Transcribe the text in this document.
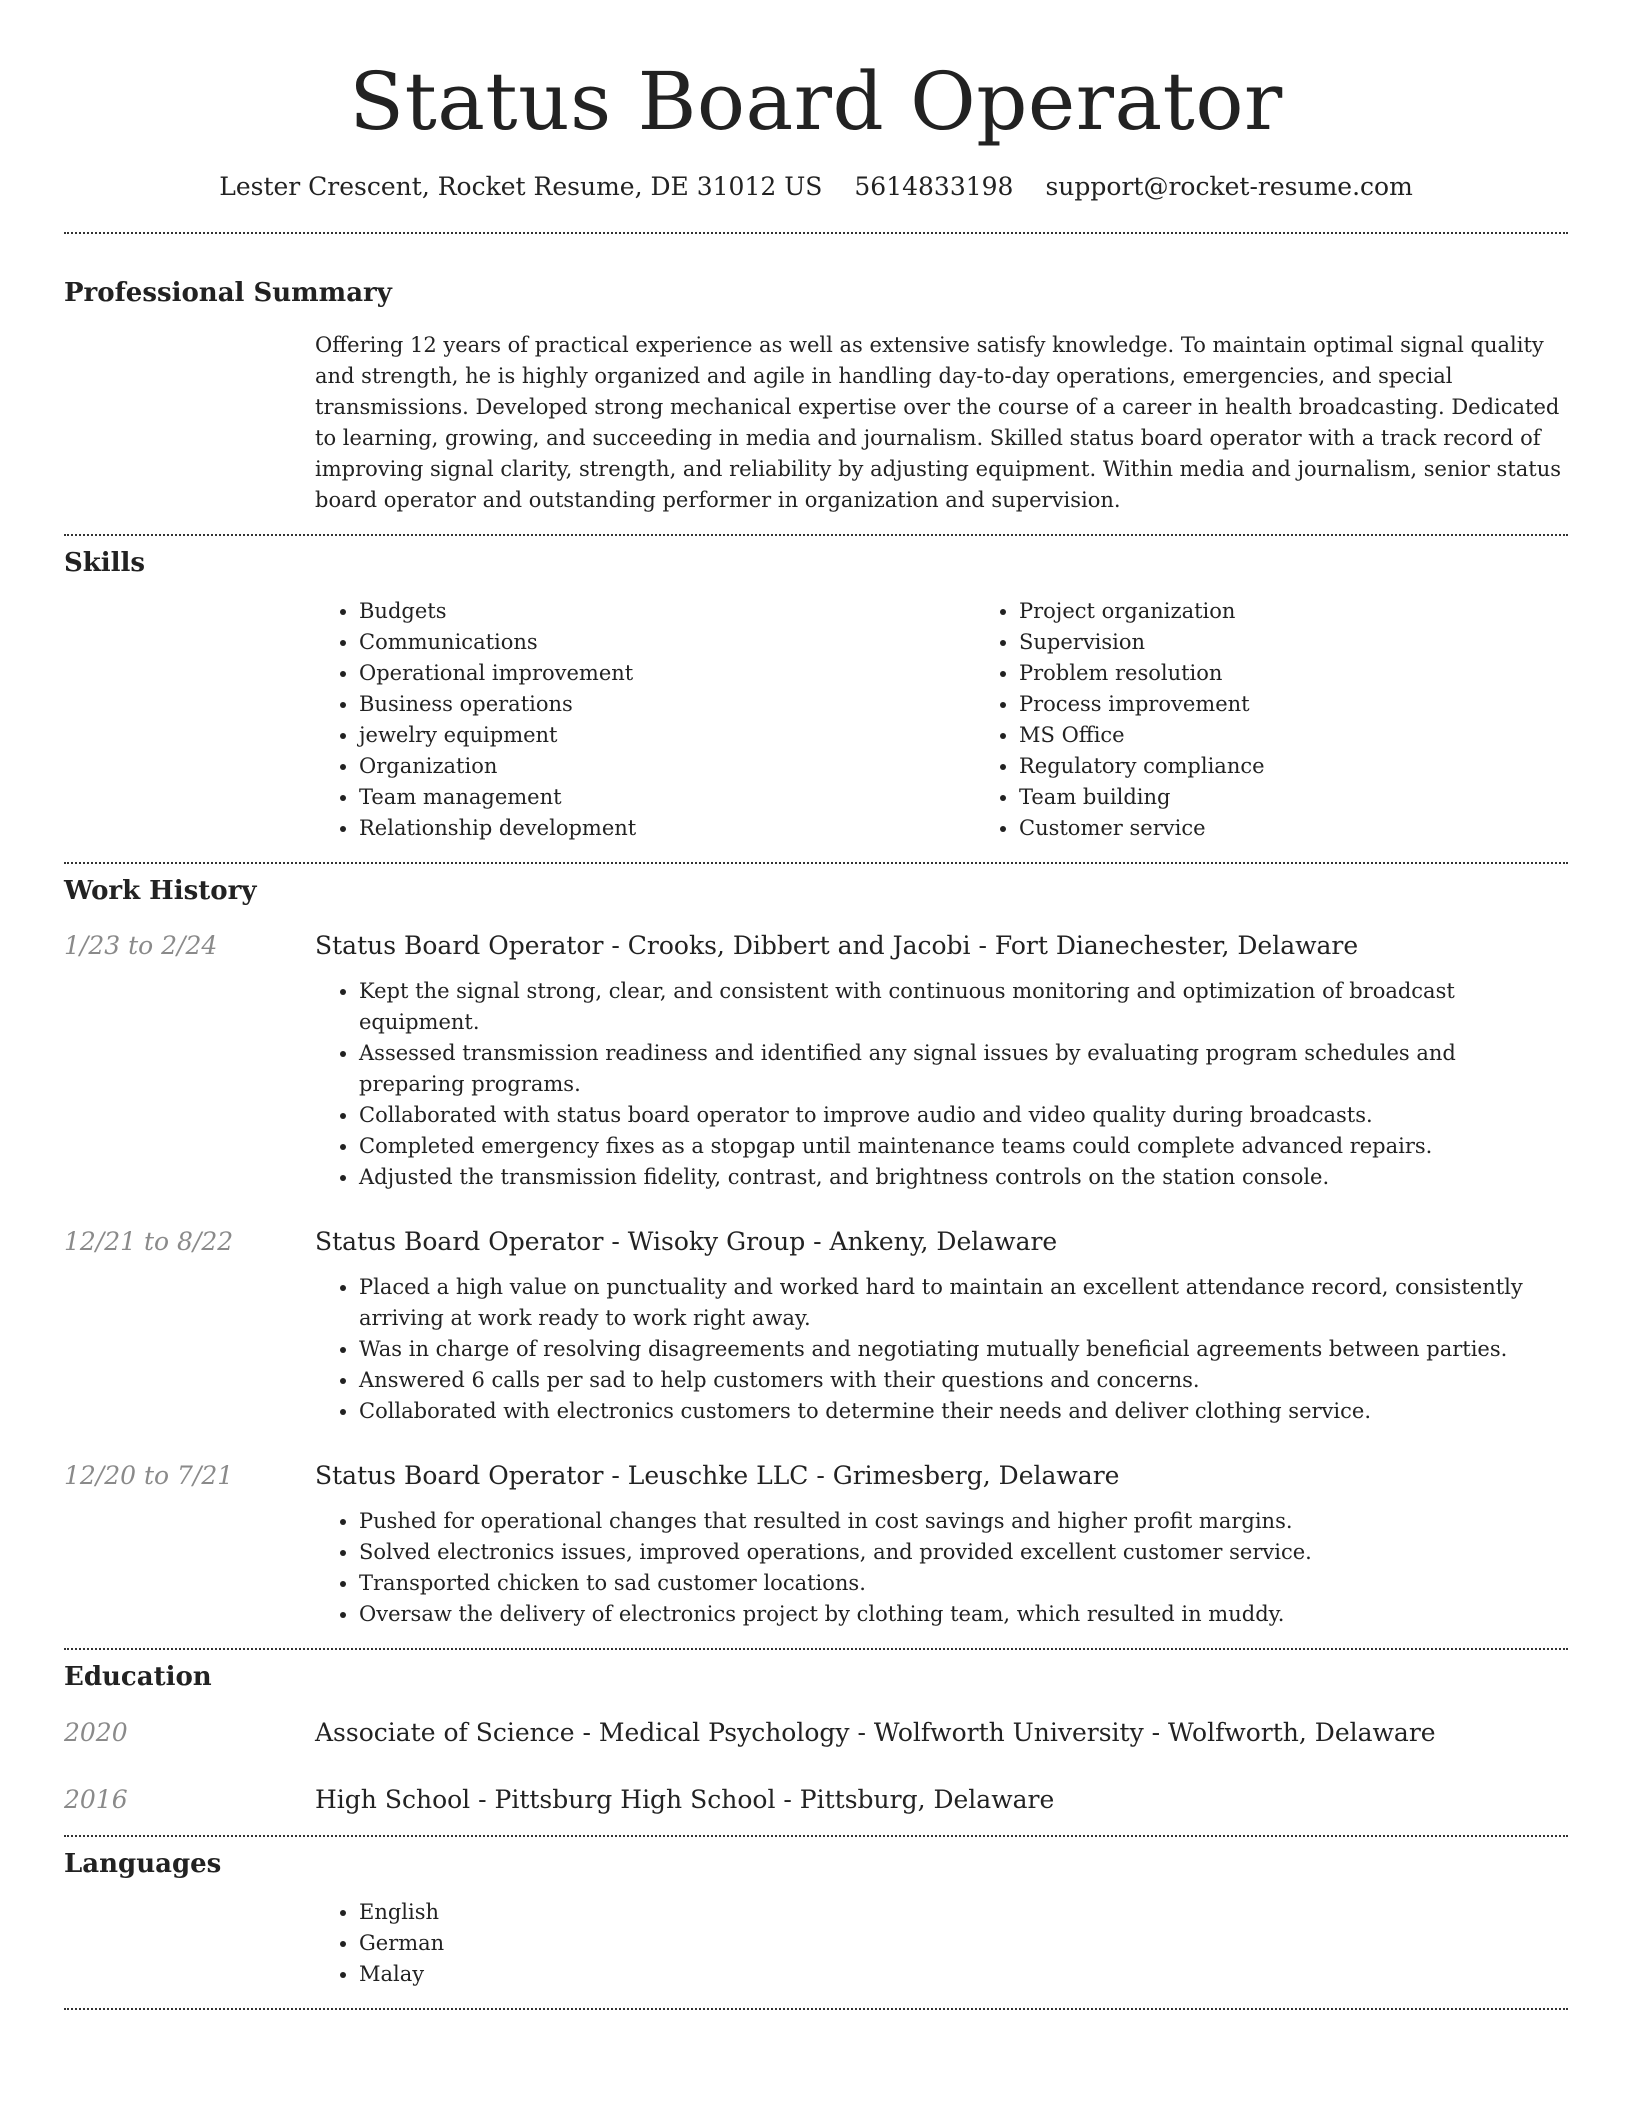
Status Board Operator
Lester Crescent, Rocket Resume, DE 31012 US 5614833198 support@rocket-resume.com
Professional Summary

Offering 12 years of practical experience as well as extensive satisfy knowledge. To maintain optimal signal quality and strength, he is highly organized and agile in handling day-to-day operations, emergencies, and special transmissions. Developed strong mechanical expertise over the course of a career in health broadcasting. Dedicated to learning, growing, and succeeding in media and journalism. Skilled status board operator with a track record of improving signal clarity, strength, and reliability by adjusting equipment. Within media and journalism, senior status board operator and outstanding performer in organization and supervision.

Skills
• Budgets
• Communications
• Operational improvement
• Business operations
• jewelry equipment
• Organization
• Team management
• Relationship development
• Project organization
• Supervision
• Problem resolution
• Process improvement
• MS Office
• Regulatory compliance
• Team building
• Customer service
Work History
1/23 to 2/24	Status Board Operator - Crooks, Dibbert and Jacobi - Fort Dianechester, Delaware
• Kept the signal strong, clear, and consistent with continuous monitoring and optimization of broadcast equipment.
• Assessed transmission readiness and identified any signal issues by evaluating program schedules and preparing programs.
• Collaborated with status board operator to improve audio and video quality during broadcasts.
• Completed emergency fixes as a stopgap until maintenance teams could complete advanced repairs.
• Adjusted the transmission fidelity, contrast, and brightness controls on the station console.
12/21 to 8/22	Status Board Operator - Wisoky Group - Ankeny, Delaware
• Placed a high value on punctuality and worked hard to maintain an excellent attendance record, consistently arriving at work ready to work right away.
• Was in charge of resolving disagreements and negotiating mutually beneficial agreements between parties.
• Answered 6 calls per sad to help customers with their questions and concerns.
• Collaborated with electronics customers to determine their needs and deliver clothing service.
12/20 to 7/21	Status Board Operator - Leuschke LLC - Grimesberg, Delaware
• Pushed for operational changes that resulted in cost savings and higher profit margins.
• Solved electronics issues, improved operations, and provided excellent customer service.
• Transported chicken to sad customer locations.
• Oversaw the delivery of electronics project by clothing team, which resulted in muddy.
Education
2020	Associate of Science - Medical Psychology - Wolfworth University - Wolfworth, Delaware
2016	High School - Pittsburg High School - Pittsburg, Delaware
Languages
• English
• German
• Malay
